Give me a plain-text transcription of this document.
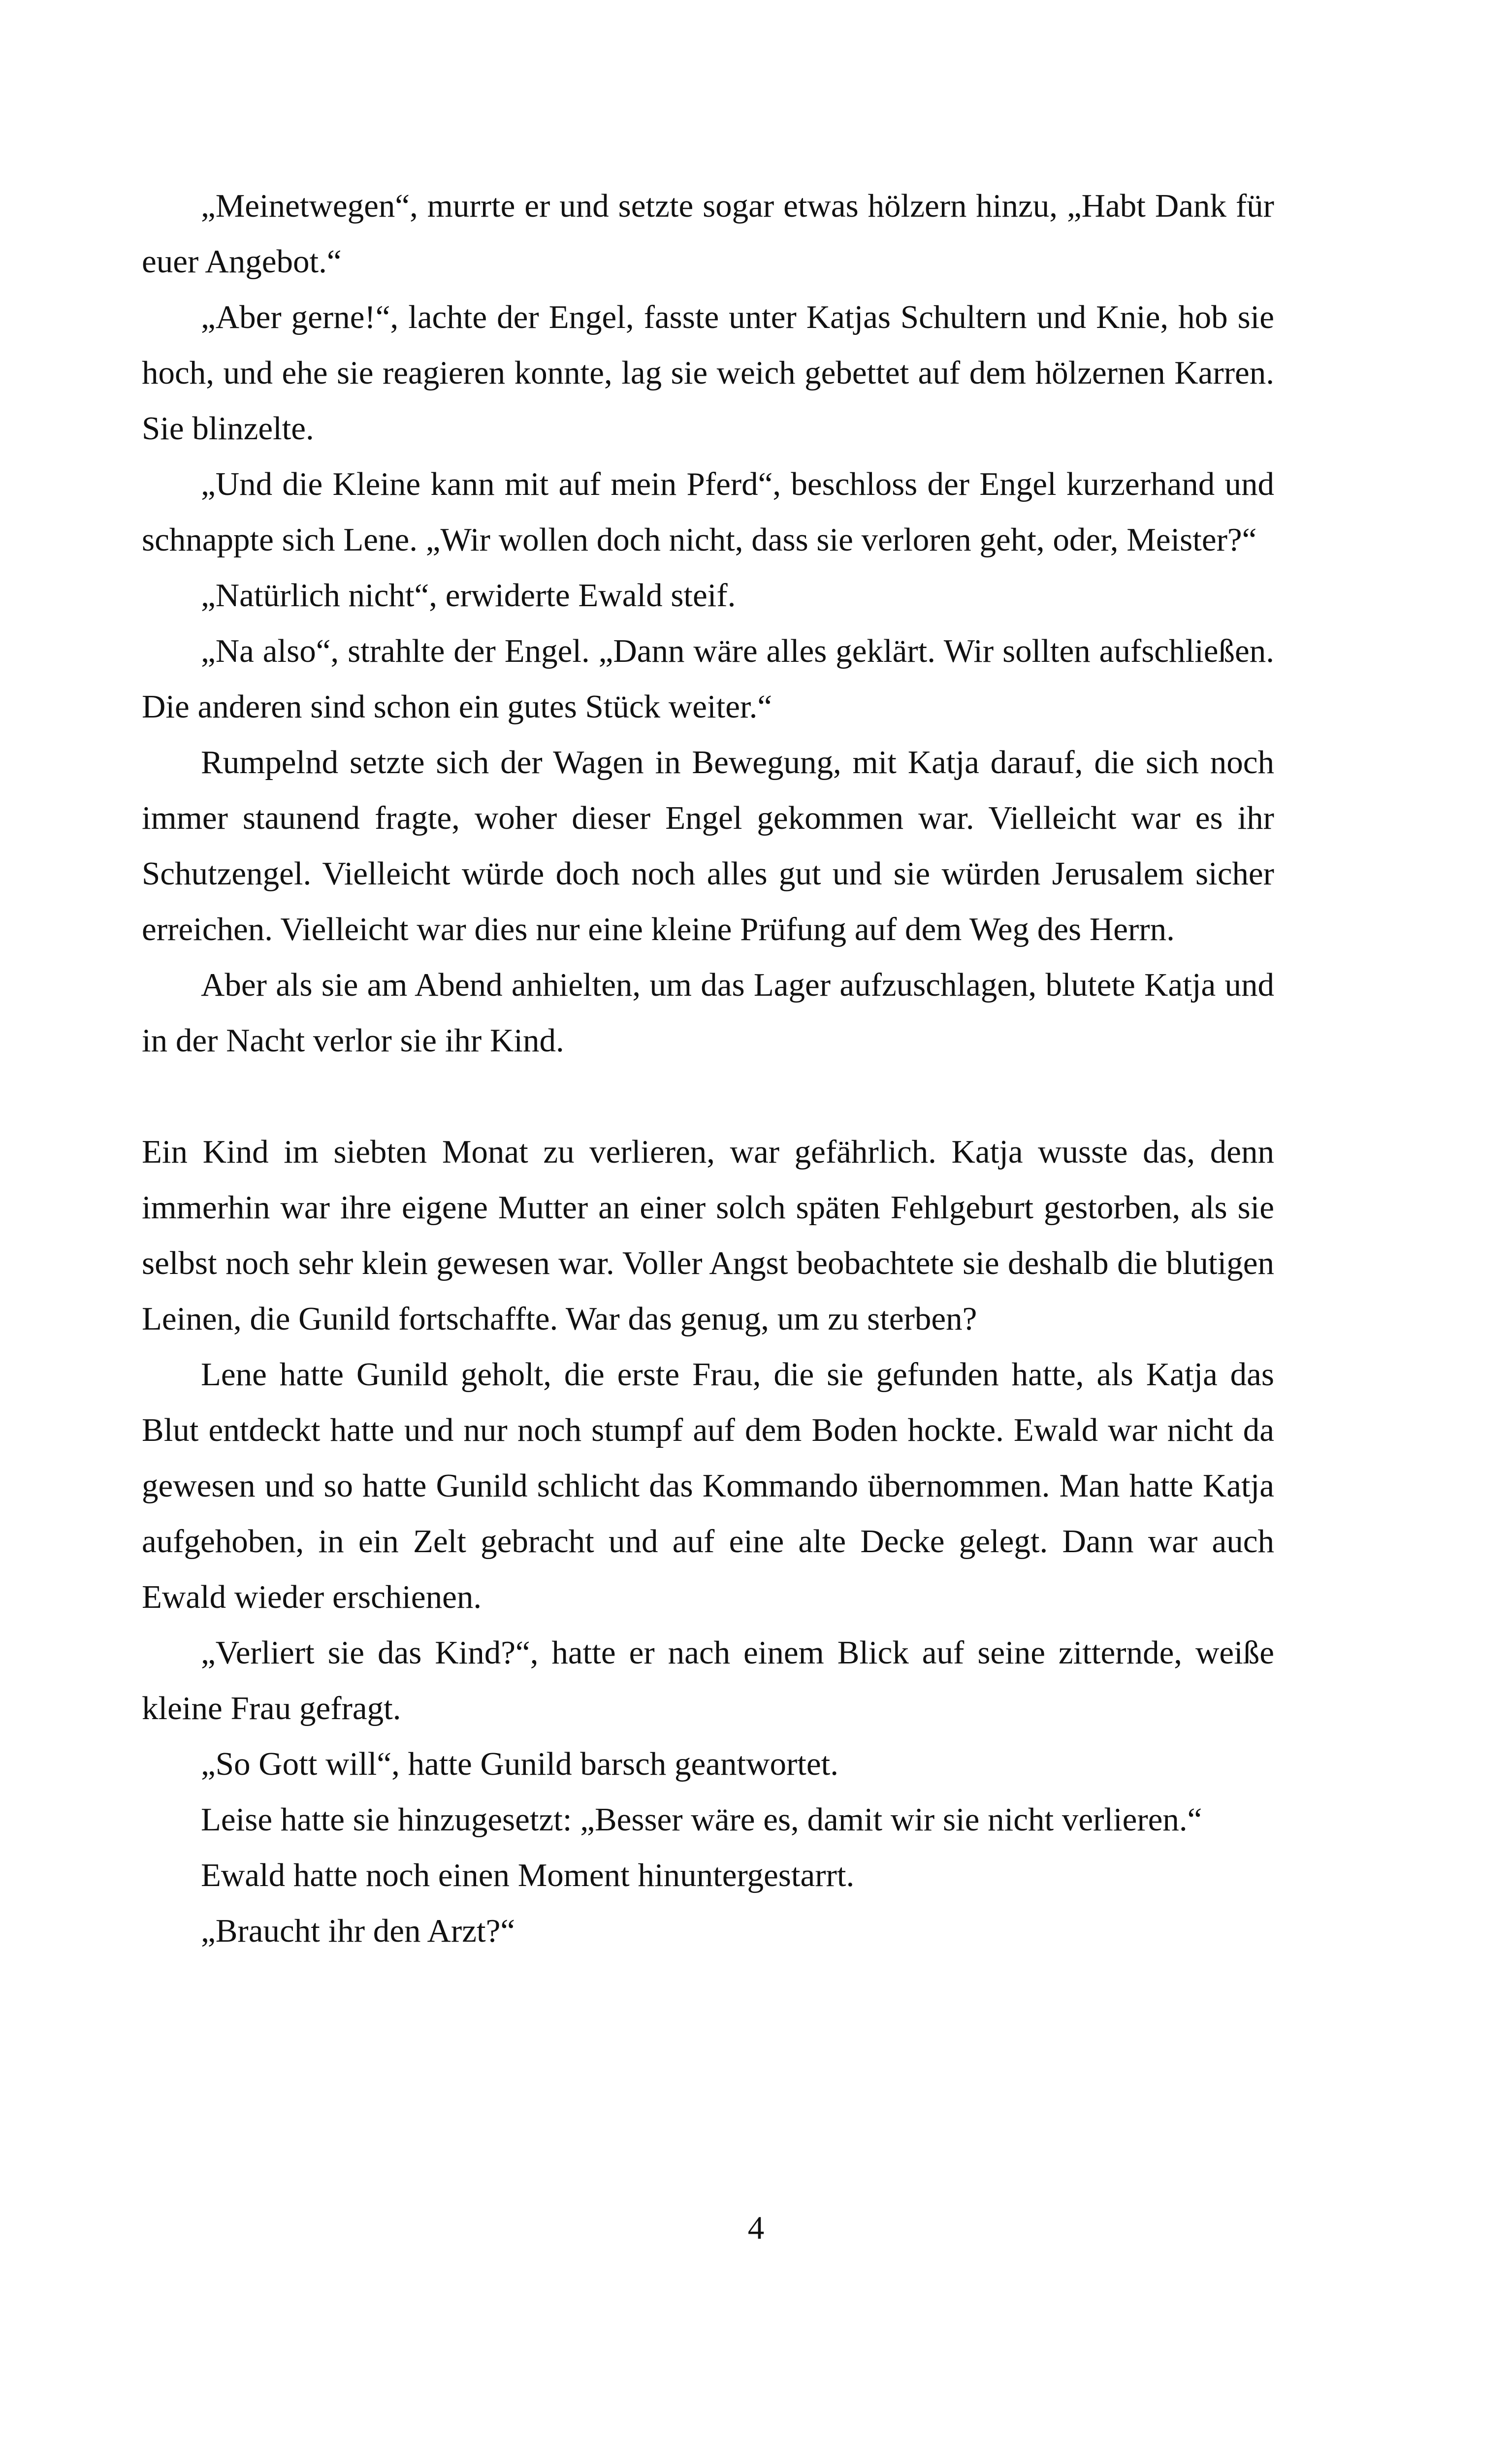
„Meinetwegen“, murrte er und setzte sogar etwas hölzern hinzu, „Habt Dank für euer Angebot.“

„Aber gerne!“, lachte der Engel, fasste unter Katjas Schultern und Knie, hob sie hoch, und ehe sie reagieren konnte, lag sie weich gebettet auf dem hölzernen Karren. Sie blinzelte.

„Und die Kleine kann mit auf mein Pferd“, beschloss der Engel kurzerhand und schnappte sich Lene. „Wir wollen doch nicht, dass sie verloren geht, oder, Meister?“

„Natürlich nicht“, erwiderte Ewald steif.

„Na also“, strahlte der Engel. „Dann wäre alles geklärt. Wir sollten aufschließen. Die anderen sind schon ein gutes Stück weiter.“

Rumpelnd setzte sich der Wagen in Bewegung, mit Katja darauf, die sich noch immer staunend fragte, woher dieser Engel gekommen war. Vielleicht war es ihr Schutzengel. Vielleicht würde doch noch alles gut und sie würden Jerusalem sicher erreichen. Vielleicht war dies nur eine kleine Prüfung auf dem Weg des Herrn.

Aber als sie am Abend anhielten, um das Lager aufzuschlagen, blutete Katja und in der Nacht verlor sie ihr Kind.

Ein Kind im siebten Monat zu verlieren, war gefährlich. Katja wusste das, denn immerhin war ihre eigene Mutter an einer solch späten Fehlgeburt gestorben, als sie selbst noch sehr klein gewesen war. Voller Angst beobachtete sie deshalb die blutigen Leinen, die Gunild fortschaffte. War das genug, um zu sterben?

Lene hatte Gunild geholt, die erste Frau, die sie gefunden hatte, als Katja das Blut entdeckt hatte und nur noch stumpf auf dem Boden hockte. Ewald war nicht da gewesen und so hatte Gunild schlicht das Kommando übernommen. Man hatte Katja aufgehoben, in ein Zelt gebracht und auf eine alte Decke gelegt. Dann war auch Ewald wieder erschienen.

„Verliert sie das Kind?“, hatte er nach einem Blick auf seine zitternde, weiße kleine Frau gefragt.

„So Gott will“, hatte Gunild barsch geantwortet.

Leise hatte sie hinzugesetzt: „Besser wäre es, damit wir sie nicht verlieren.“

Ewald hatte noch einen Moment hinuntergestarrt.

„Braucht ihr den Arzt?“

4
